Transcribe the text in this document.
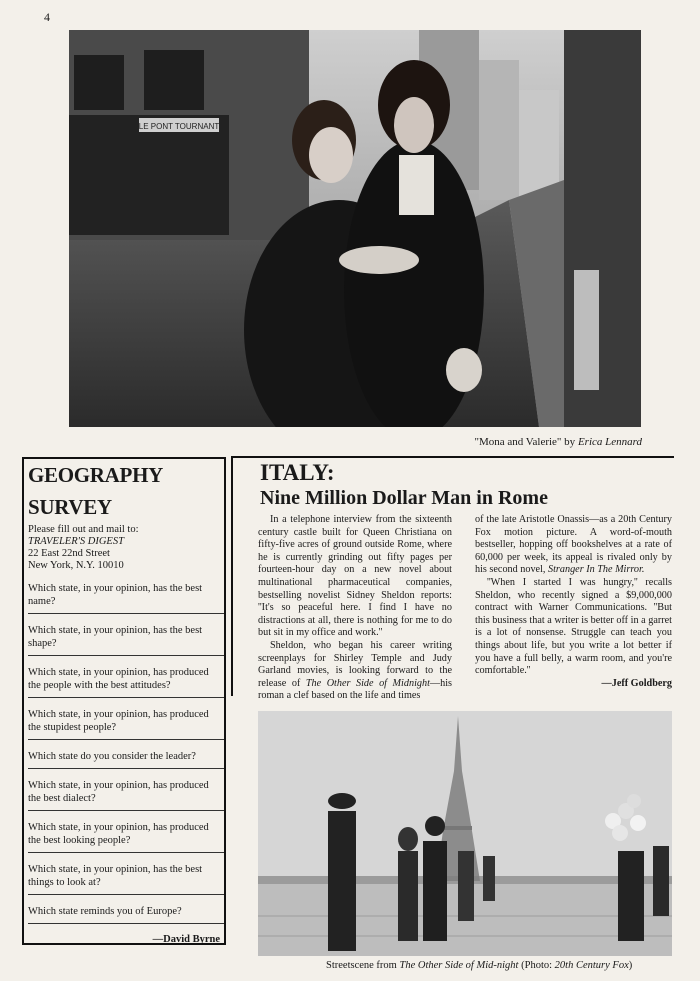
4
LE PONT TOURNANT
"Mona and Valerie" by Erica Lennard
GEOGRAPHY
SURVEY
Please fill out and mail to:
TRAVELER'S DIGEST
22 East 22nd Street
New York, N.Y. 10010
Which state, in your opinion, has the best name?
Which state, in your opinion, has the best shape?
Which state, in your opinion, has produced the people with the best attitudes?
Which state, in your opinion, has produced the stupidest people?
Which state do you consider the leader?
Which state, in your opinion, has produced the best dialect?
Which state, in your opinion, has produced the best looking people?
Which state, in your opinion, has the best things to look at?
Which state reminds you of Europe?
—David Byrne
ITALY:
Nine Million Dollar Man in Rome

In a telephone interview from the sixteenth century castle built for Queen Christiana on fifty-five acres of ground outside Rome, where he is currently grinding out fifty pages per fourteen-hour day on a new novel about multinational pharmaceutical companies, bestselling novelist Sidney Sheldon reports: ''It's so peaceful here. I find I have no distractions at all, there is nothing for me to do but sit in my office and work.''

Sheldon, who began his career writing screenplays for Shirley Temple and Judy Garland movies, is looking forward to the release of The Other Side of Midnight—his roman a clef based on the life and times

of the late Aristotle Onassis—as a 20th Century Fox motion picture. A word-of-mouth bestseller, hopping off bookshelves at a rate of 60,000 per week, its appeal is rivaled only by his second novel, Stranger In The Mirror.

''When I started I was hungry,'' recalls Sheldon, who recently signed a $9,000,000 contract with Warner Communications. ''But this business that a writer is better off in a garret is a lot of nonsense. Struggle can teach you things about life, but you write a lot better if you have a full belly, a warm room, and you're comfortable.''

—Jeff Goldberg
Streetscene from The Other Side of Mid-night (Photo: 20th Century Fox)
